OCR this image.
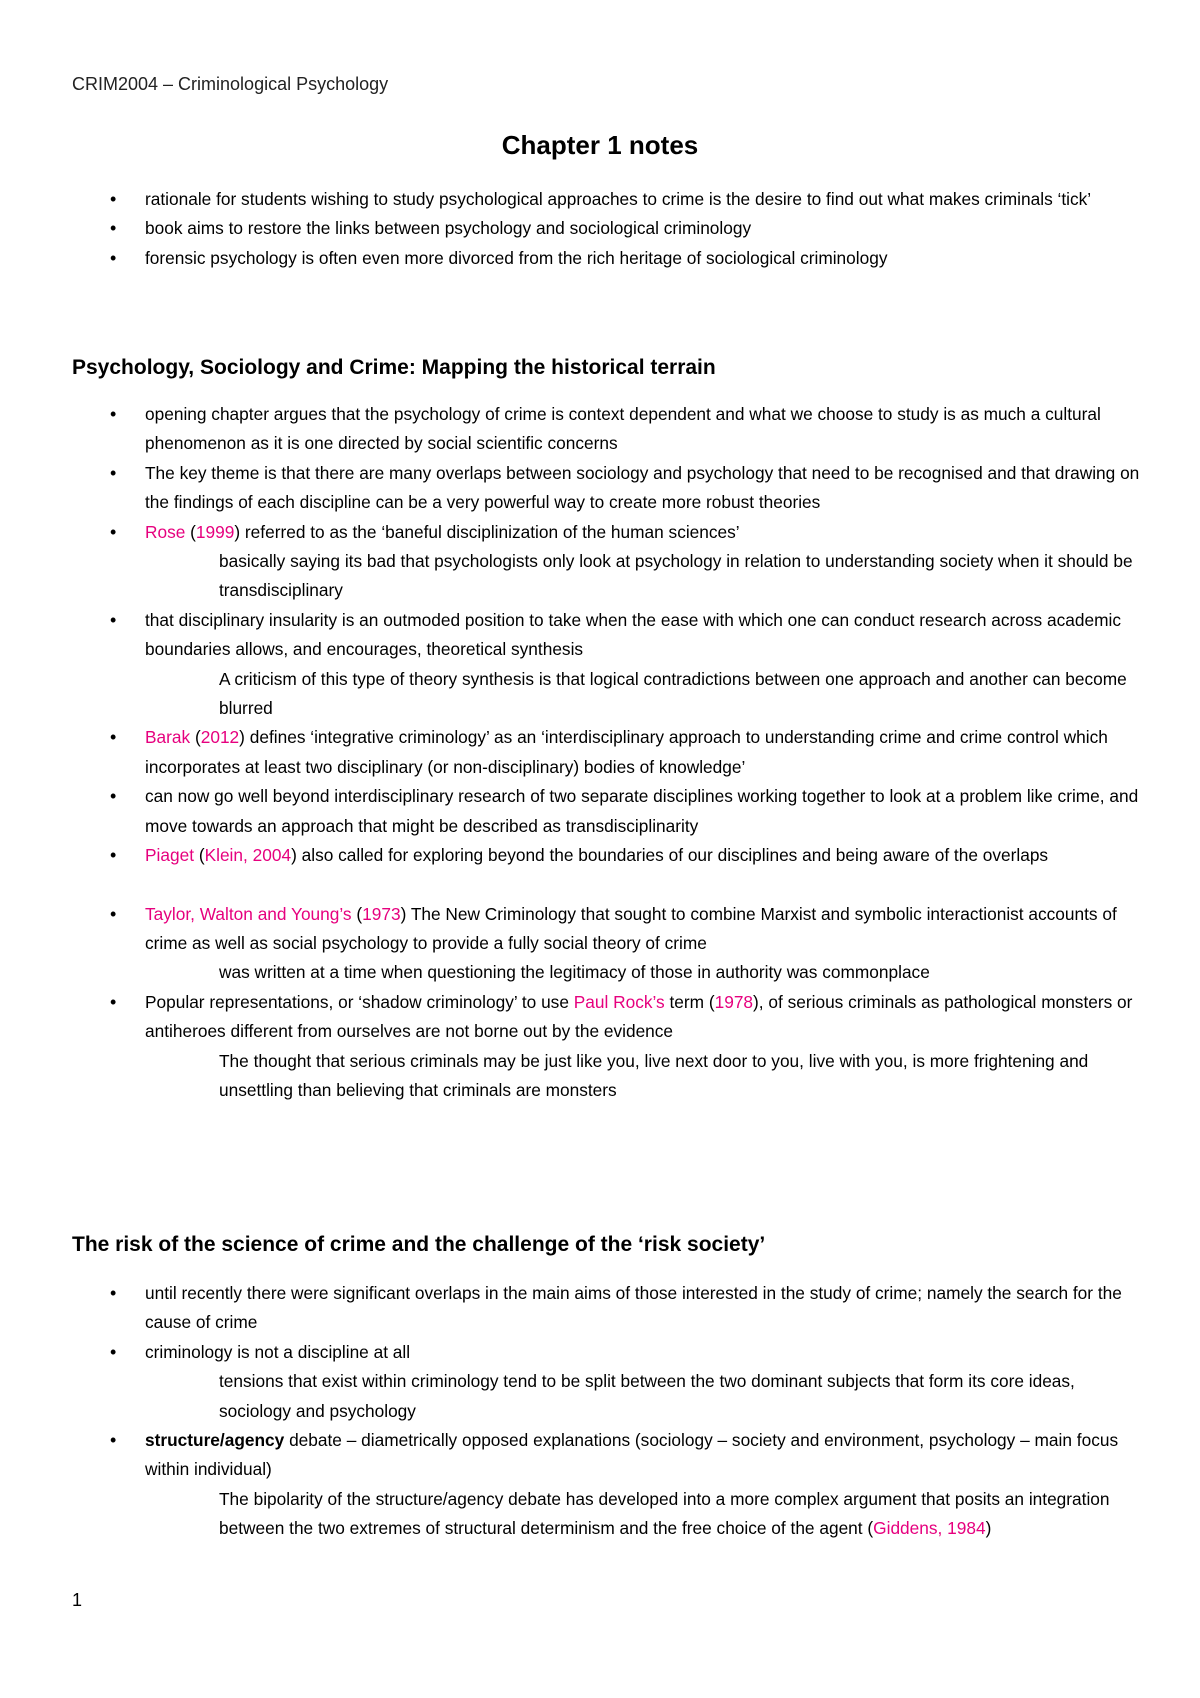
CRIM2004 – Criminological Psychology
Chapter 1 notes
• rationale for students wishing to study psychological approaches to crime is the desire to find out what makes criminals ‘tick’
• book aims to restore the links between psychology and sociological criminology
• forensic psychology is often even more divorced from the rich heritage of sociological criminology
Psychology, Sociology and Crime: Mapping the historical terrain
• opening chapter argues that the psychology of crime is context dependent and what we choose to study is as much a cultural phenomenon as it is one directed by social scientific concerns
• The key theme is that there are many overlaps between sociology and psychology that need to be recognised and that drawing on the findings of each discipline can be a very powerful way to create more robust theories
• Rose (1999) referred to as the ‘baneful disciplinization of the human sciences’
basically saying its bad that psychologists only look at psychology in relation to understanding society when it should be transdisciplinary
• that disciplinary insularity is an outmoded position to take when the ease with which one can conduct research across academic boundaries allows, and encourages, theoretical synthesis
A criticism of this type of theory synthesis is that logical contradictions between one approach and another can become blurred
• Barak (2012) defines ‘integrative criminology’ as an ‘interdisciplinary approach to understanding crime and crime control which incorporates at least two disciplinary (or non-disciplinary) bodies of knowledge’
• can now go well beyond interdisciplinary research of two separate disciplines working together to look at a problem like crime, and move towards an approach that might be described as transdisciplinarity
• Piaget (Klein, 2004) also called for exploring beyond the boundaries of our disciplines and being aware of the overlaps
• Taylor, Walton and Young’s (1973) The New Criminology that sought to combine Marxist and symbolic interactionist accounts of crime as well as social psychology to provide a fully social theory of crime
was written at a time when questioning the legitimacy of those in authority was commonplace
• Popular representations, or ‘shadow criminology’ to use Paul Rock’s term (1978), of serious criminals as pathological monsters or antiheroes different from ourselves are not borne out by the evidence
The thought that serious criminals may be just like you, live next door to you, live with you, is more frightening and unsettling than believing that criminals are monsters
The risk of the science of crime and the challenge of the ‘risk society’
• until recently there were significant overlaps in the main aims of those interested in the study of crime; namely the search for the cause of crime
• criminology is not a discipline at all
tensions that exist within criminology tend to be split between the two dominant subjects that form its core ideas, sociology and psychology
• structure/agency debate – diametrically opposed explanations (sociology – society and environment, psychology – main focus within individual)
The bipolarity of the structure/agency debate has developed into a more complex argument that posits an integration between the two extremes of structural determinism and the free choice of the agent (Giddens, 1984)
1
